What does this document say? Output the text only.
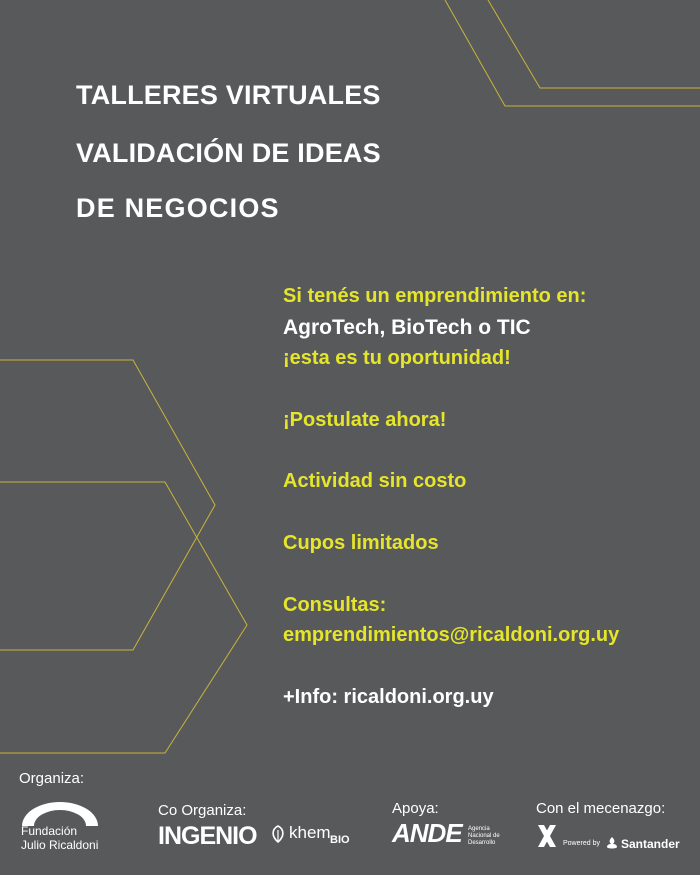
TALLERES VIRTUALES
VALIDACIÓN DE IDEAS
DE NEGOCIOS

Si tenés un emprendimiento en:

AgroTech, BioTech o TIC

¡esta es tu oportunidad!

¡Postulate ahora!

Actividad sin costo

Cupos limitados

Consultas:

emprendimientos@ricaldoni.org.uy

+Info: ricaldoni.org.uy

Organiza:
Fundación
Julio Ricaldoni
Co Organiza:
INGENIO khem BIO
Apoya:
ANDE Agencia
Nacional de
Desarrollo
Con el mecenazgo:
Powered by Santander
